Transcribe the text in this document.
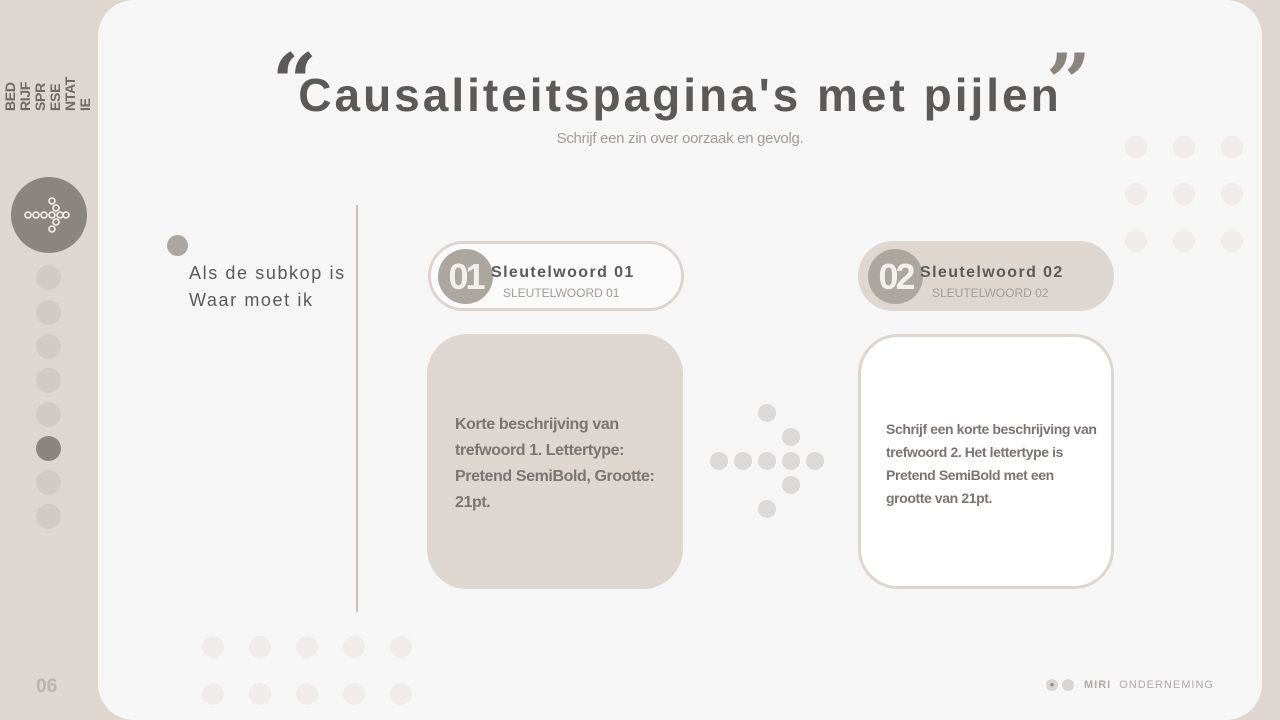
BEDRIJFSPRESENTATIE
06
“	”
Causaliteitspagina's met pijlen
Schrijf een zin over oorzaak en gevolg.
Als de subkop is
Waar moet ik
01 Sleutelwoord 01
SLEUTELWOORD 01
Korte beschrijving van trefwoord 1. Lettertype: Pretend SemiBold, Grootte: 21pt.
02 Sleutelwoord 02
SLEUTELWOORD 02
Schrijf een korte beschrijving van trefwoord 2. Het lettertype is Pretend SemiBold met een grootte van 21pt.
●	MIRI ONDERNEMING
